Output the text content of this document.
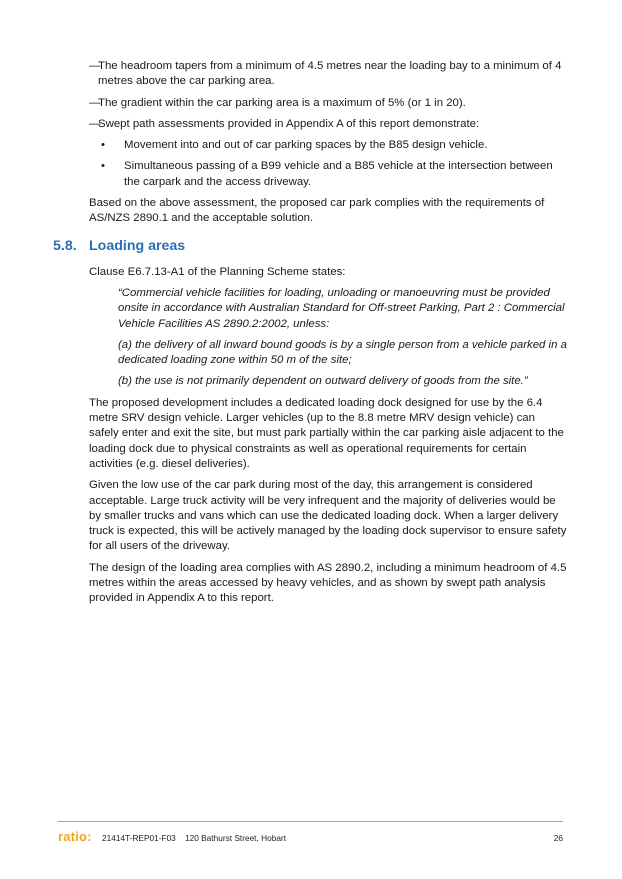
—
The headroom tapers from a minimum of 4.5 metres near the loading bay to a minimum of 4 metres above the car parking area.
—
The gradient within the car parking area is a maximum of 5% (or 1 in 20).
—
Swept path assessments provided in Appendix A of this report demonstrate:
• Movement into and out of car parking spaces by the B85 design vehicle.
• Simultaneous passing of a B99 vehicle and a B85 vehicle at the intersection between the carpark and the access driveway.

Based on the above assessment, the proposed car park complies with the requirements of AS/NZS 2890.1 and the acceptable solution.

5.8. Loading areas

Clause E6.7.13-A1 of the Planning Scheme states:

“Commercial vehicle facilities for loading, unloading or manoeuvring must be provided onsite in accordance with Australian Standard for Off-street Parking, Part 2 : Commercial Vehicle Facilities AS 2890.2:2002, unless:

(a) the delivery of all inward bound goods is by a single person from a vehicle parked in a dedicated loading zone within 50 m of the site;

(b) the use is not primarily dependent on outward delivery of goods from the site.”

The proposed development includes a dedicated loading dock designed for use by the 6.4 metre SRV design vehicle. Larger vehicles (up to the 8.8 metre MRV design vehicle) can safely enter and exit the site, but must park partially within the car parking aisle adjacent to the loading dock due to physical constraints as well as operational requirements for certain activities (e.g. diesel deliveries).

Given the low use of the car park during most of the day, this arrangement is considered acceptable. Large truck activity will be very infrequent and the majority of deliveries would be by smaller trucks and vans which can use the dedicated loading dock. When a larger delivery truck is expected, this will be actively managed by the loading dock supervisor to ensure safety for all users of the driveway.

The design of the loading area complies with AS 2890.2, including a minimum headroom of 4.5 metres within the areas accessed by heavy vehicles, and as shown by swept path analysis provided in Appendix A to this report.

ratio: 21414T-REP01-F03 120 Bathurst Street, Hobart	26
